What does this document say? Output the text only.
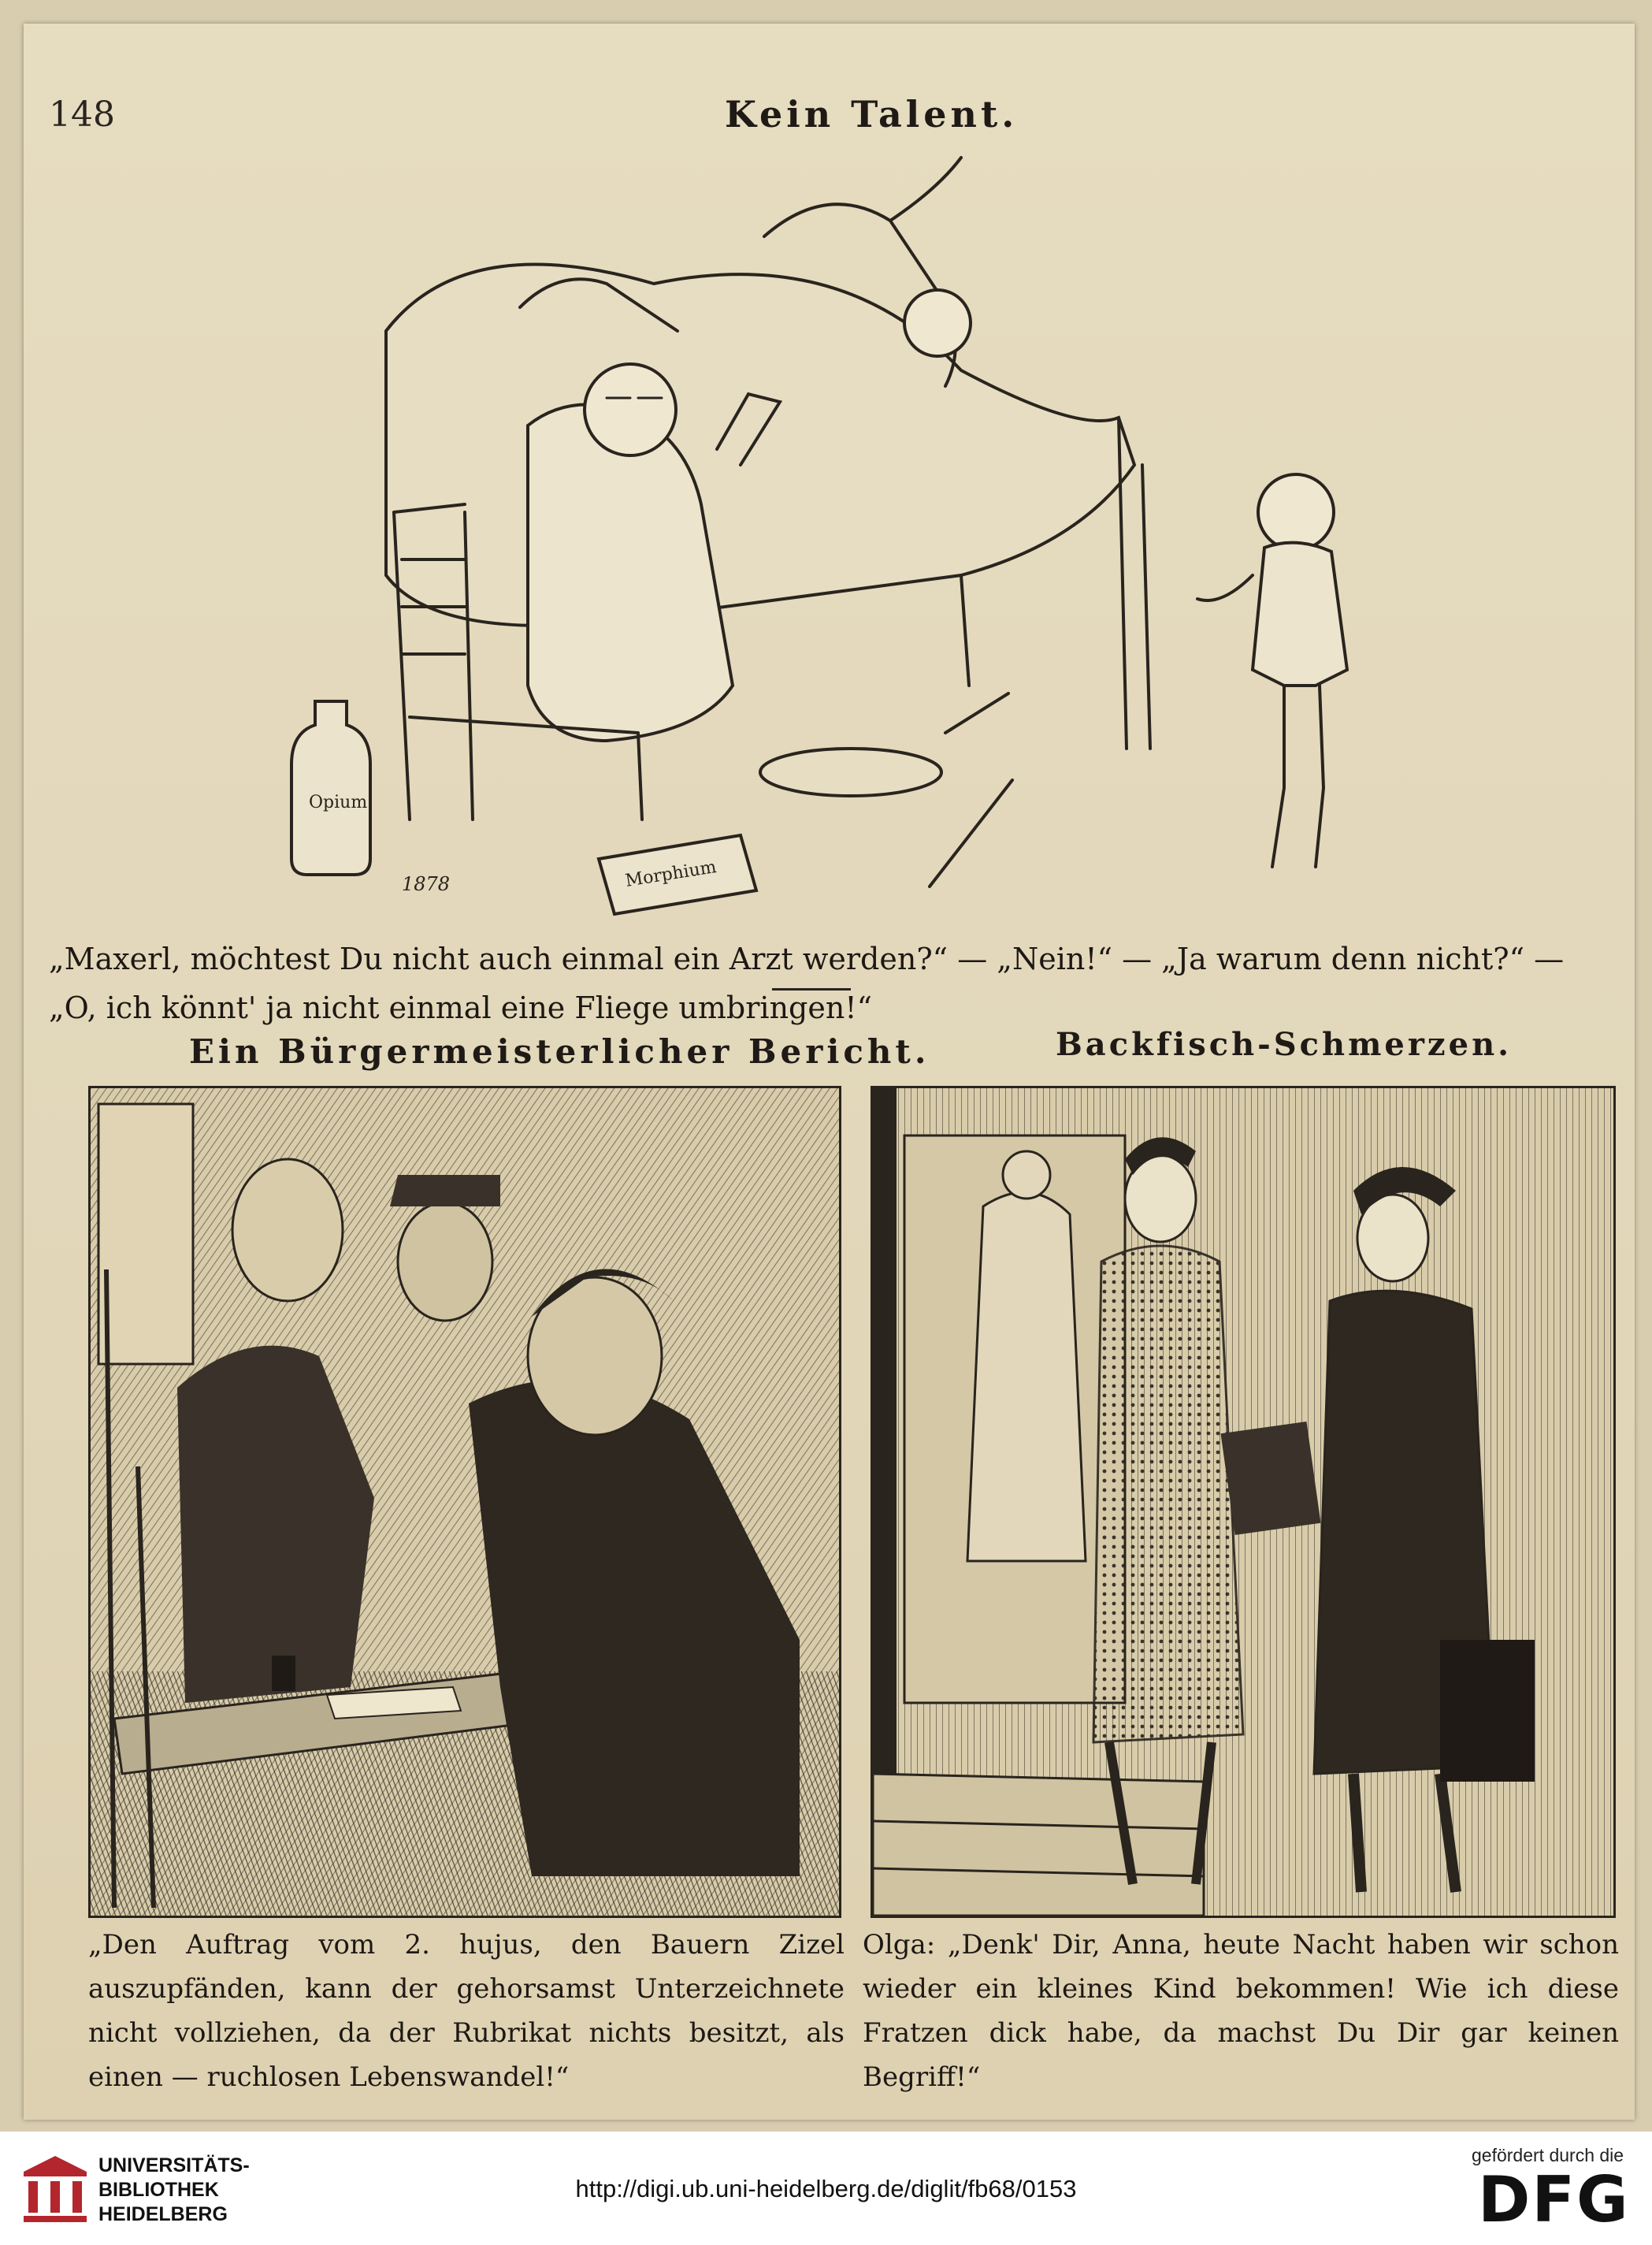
148	Kein Talent.
Opium
Morphium
1878
„Maxerl, möchtest Du nicht auch einmal ein Arzt werden?“ — „Nein!“ — „Ja warum denn nicht?“ — „O, ich könnt' ja nicht einmal eine Fliege umbringen!“
Ein Bürgermeisterlicher Bericht.	Backfisch-Schmerzen.
„Den Auftrag vom 2. hujus, den Bauern Zizel auszupfänden, kann der gehorsamst Unterzeichnete nicht vollziehen, da der Rubrikat nichts besitzt, als einen — ruchlosen Lebenswandel!“
Olga: „Denk' Dir, Anna, heute Nacht haben wir schon wieder ein kleines Kind bekommen! Wie ich diese Fratzen dick habe, da machst Du Dir gar keinen Begriff!“
UNIVERSITÄTS-
BIBLIOTHEK
HEIDELBERG
http://digi.ub.uni-heidelberg.de/diglit/fb68/0153
gefördert durch die
DFG
